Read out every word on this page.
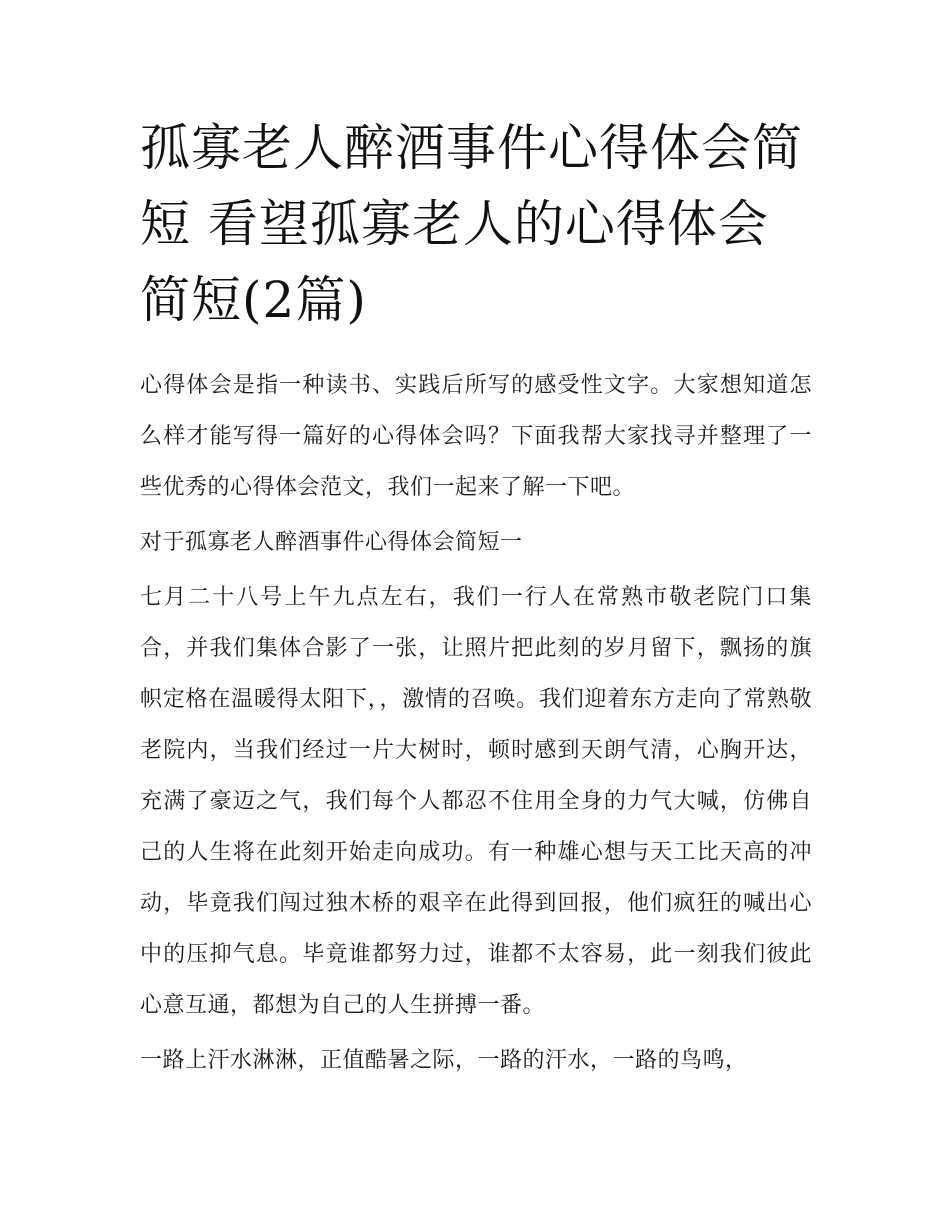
孤寡老人醉酒事件心得体会简短 看望孤寡老人的心得体会简短(2篇)

心得体会是指一种读书、实践后所写的感受性文字。大家想知道怎么样才能写得一篇好的心得体会吗？下面我帮大家找寻并整理了一些优秀的心得体会范文，我们一起来了解一下吧。

对于孤寡老人醉酒事件心得体会简短一

七月二十八号上午九点左右，我们一行人在常熟市敬老院门口集合，并我们集体合影了一张，让照片把此刻的岁月留下，飘扬的旗帜定格在温暖得太阳下，，激情的召唤。我们迎着东方走向了常熟敬老院内，当我们经过一片大树时，顿时感到天朗气清，心胸开达，充满了豪迈之气，我们每个人都忍不住用全身的力气大喊，仿佛自己的人生将在此刻开始走向成功。有一种雄心想与天工比天高的冲动，毕竟我们闯过独木桥的艰辛在此得到回报，他们疯狂的喊出心中的压抑气息。毕竟谁都努力过，谁都不太容易，此一刻我们彼此心意互通，都想为自己的人生拼搏一番。

一路上汗水淋淋，正值酷暑之际，一路的汗水，一路的鸟鸣，
